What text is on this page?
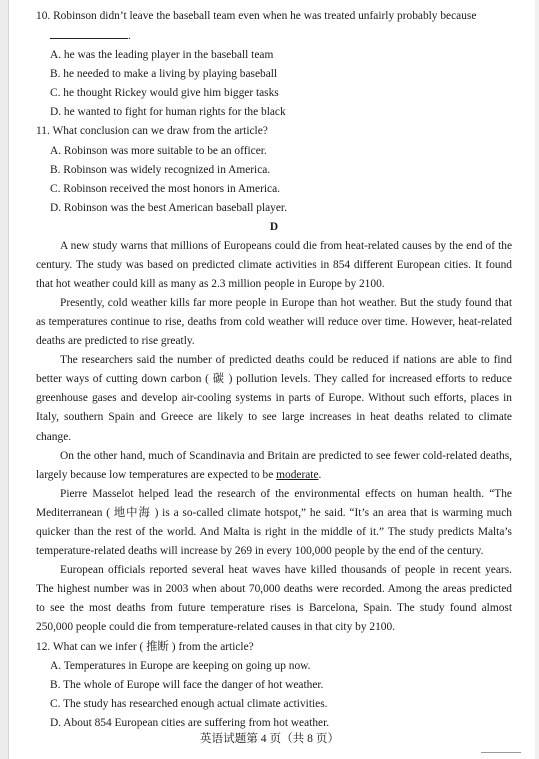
10. Robinson didn’t leave the baseball team even when he was treated unfairly probably because

.

A. he was the leading player in the baseball team

B. he needed to make a living by playing baseball

C. he thought Rickey would give him bigger tasks

D. he wanted to fight for human rights for the black

11. What conclusion can we draw from the article?

A. Robinson was more suitable to be an officer.

B. Robinson was widely recognized in America.

C. Robinson received the most honors in America.

D. Robinson was the best American baseball player.

D

A new study warns that millions of Europeans could die from heat-related causes by the end of the century. The study was based on predicted climate activities in 854 different European cities. It found that hot weather could kill as many as 2.3 million people in Europe by 2100.

Presently, cold weather kills far more people in Europe than hot weather. But the study found that as temperatures continue to rise, deaths from cold weather will reduce over time. However, heat-related deaths are predicted to rise greatly.

The researchers said the number of predicted deaths could be reduced if nations are able to find better ways of cutting down carbon ( 碳 ) pollution levels. They called for increased efforts to reduce greenhouse gases and develop air-cooling systems in parts of Europe. Without such efforts, places in Italy, southern Spain and Greece are likely to see large increases in heat deaths related to climate change.

On the other hand, much of Scandinavia and Britain are predicted to see fewer cold-related deaths, largely because low temperatures are expected to be moderate.

Pierre Masselot helped lead the research of the environmental effects on human health. “The Mediterranean ( 地中海 ) is a so-called climate hotspot,” he said. “It’s an area that is warming much quicker than the rest of the world. And Malta is right in the middle of it.” The study predicts Malta’s temperature-related deaths will increase by 269 in every 100,000 people by the end of the century.

European officials reported several heat waves have killed thousands of people in recent years. The highest number was in 2003 when about 70,000 deaths were recorded. Among the areas predicted to see the most deaths from future temperature rises is Barcelona, Spain. The study found almost 250,000 people could die from temperature-related causes in that city by 2100.

12. What can we infer ( 推断 ) from the article?

A. Temperatures in Europe are keeping on going up now.

B. The whole of Europe will face the danger of hot weather.

C. The study has researched enough actual climate activities.

D. About 854 European cities are suffering from hot weather.

英语试题第 4 页（共 8 页）
